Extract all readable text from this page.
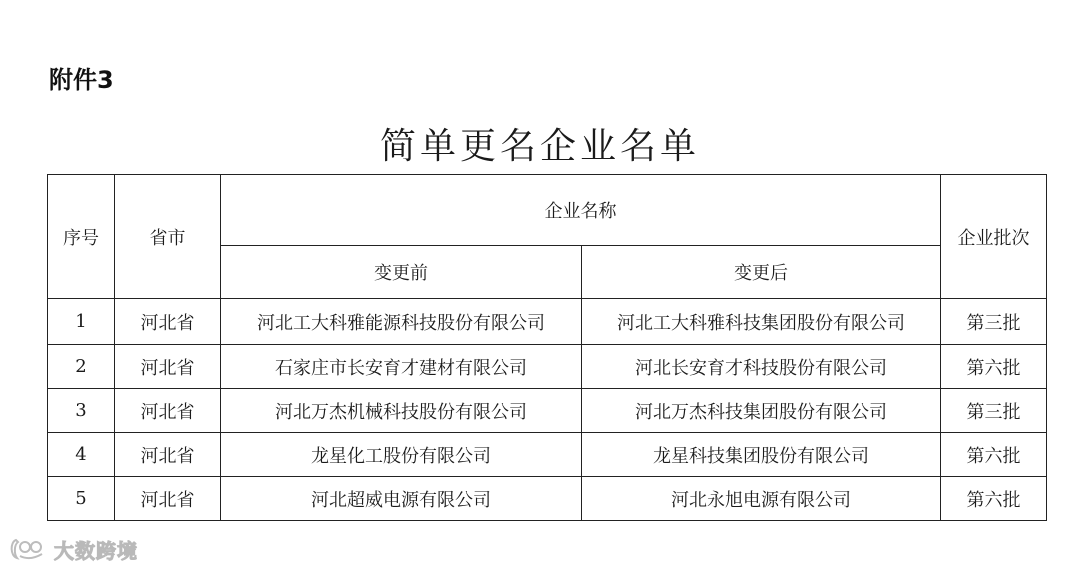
附件3
简单更名企业名单
序号	省市	企业名称		企业批次
		变更前	变更后	
1	河北省	河北工大科雅能源科技股份有限公司	河北工大科雅科技集团股份有限公司	第三批
2	河北省	石家庄市长安育才建材有限公司	河北长安育才科技股份有限公司	第六批
3	河北省	河北万杰机械科技股份有限公司	河北万杰科技集团股份有限公司	第三批
4	河北省	龙星化工股份有限公司	龙星科技集团股份有限公司	第六批
5	河北省	河北超威电源有限公司	河北永旭电源有限公司	第六批
大数跨境
